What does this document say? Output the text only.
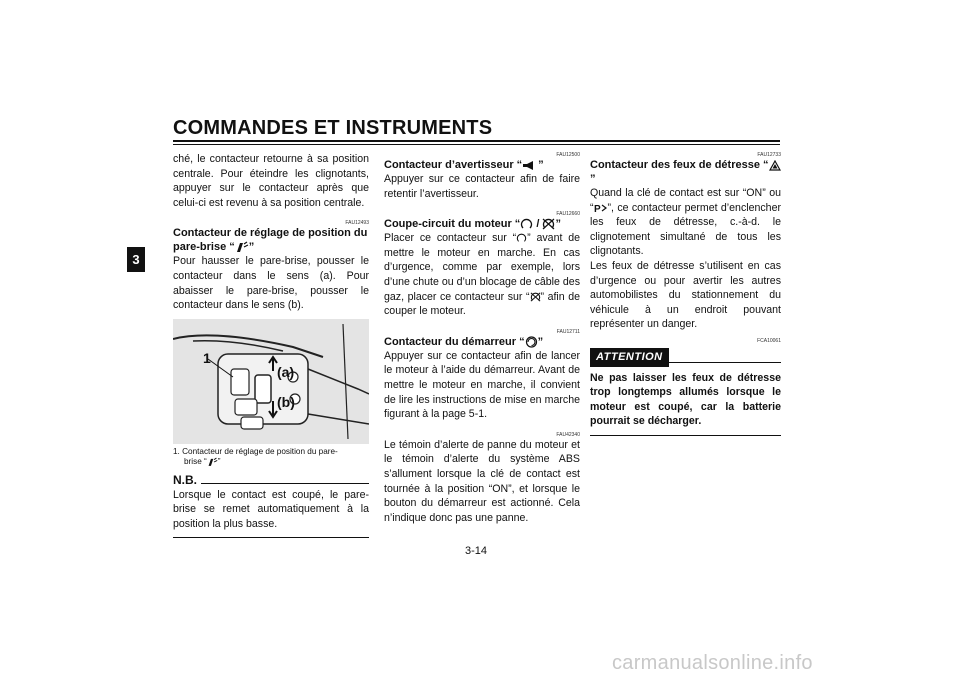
COMMANDES ET INSTRUMENTS
3

ché, le contacteur retourne à sa position centrale. Pour éteindre les clignotants, appuyer sur le contacteur après que celui-ci est revenu à sa position centrale.

FAU12493

Contacteur de réglage de position du
pare-brise “ ”

Pour hausser le pare-brise, pousser le contacteur dans le sens (a). Pour abaisser le pare-brise, pousser le contacteur dans le sens (b).

1
(a)
(b)
1. Contacteur de réglage de position du pare-
brise “ ”
N.B.

Lorsque le contact est coupé, le pare-brise se remet automatiquement à la position la plus basse.

FAU12500

Contacteur d’avertisseur “ ”

Appuyer sur ce contacteur afin de faire retentir l’avertisseur.

FAU12660

Coupe-circuit du moteur “ / ”

Placer ce contacteur sur “ ” avant de mettre le moteur en marche. En cas d’urgence, comme par exemple, lors d’une chute ou d’un blocage de câble des gaz, placer ce contacteur sur “ ” afin de couper le moteur.

FAU12711

Contacteur du démarreur “ ”

Appuyer sur ce contacteur afin de lancer le moteur à l’aide du démarreur. Avant de mettre le moteur en marche, il convient de lire les instructions de mise en marche figurant à la page 5-1.

FAU42340

Le témoin d’alerte de panne du moteur et le témoin d’alerte du système ABS s’allument lorsque la clé de contact est tournée à la position “ON”, et lorsque le bouton du démarreur est actionné. Cela n’indique donc pas une panne.

FAU12733

Contacteur des feux de détresse “”

Quand la clé de contact est sur “ON” ou “ P ”, ce contacteur permet d’enclencher les feux de détresse, c.-à-d. le clignotement simultané de tous les clignotants.

Les feux de détresse s’utilisent en cas d’urgence ou pour avertir les autres automobilistes du stationnement du véhicule à un endroit pouvant représenter un danger.

FCA10061

ATTENTION

Ne pas laisser les feux de détresse trop longtemps allumés lorsque le moteur est coupé, car la batterie pourrait se décharger.

3-14
carmanualsonline.info
